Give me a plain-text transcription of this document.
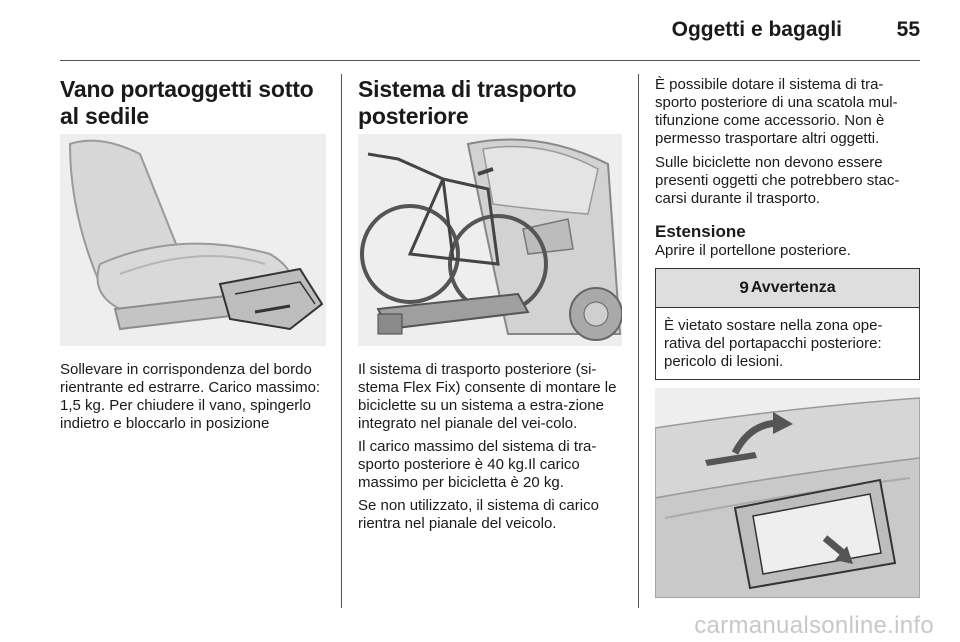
Oggetti e bagagli	55
Vano portaoggetti sotto al sedile

Sollevare in corrispondenza del bordo rientrante ed estrarre. Carico massimo: 1,5 kg. Per chiudere il vano, spingerlo indietro e bloccarlo in posizione

Sistema di trasporto posteriore

Il sistema di trasporto posteriore (si-stema Flex Fix) consente di montare le biciclette su un sistema a estra-zione integrato nel pianale del vei-colo.

Il carico massimo del sistema di tra-sporto posteriore è 40 kg.Il carico massimo per bicicletta è 20 kg.

Se non utilizzato, il sistema di carico rientra nel pianale del veicolo.

È possibile dotare il sistema di tra-sporto posteriore di una scatola mul-tifunzione come accessorio. Non è permesso trasportare altri oggetti.

Sulle biciclette non devono essere presenti oggetti che potrebbero stac-carsi durante il trasporto.

Estensione

Aprire il portellone posteriore.

9 Avvertenza

È vietato sostare nella zona ope-rativa del portapacchi posteriore: pericolo di lesioni.

carmanualsonline.info
